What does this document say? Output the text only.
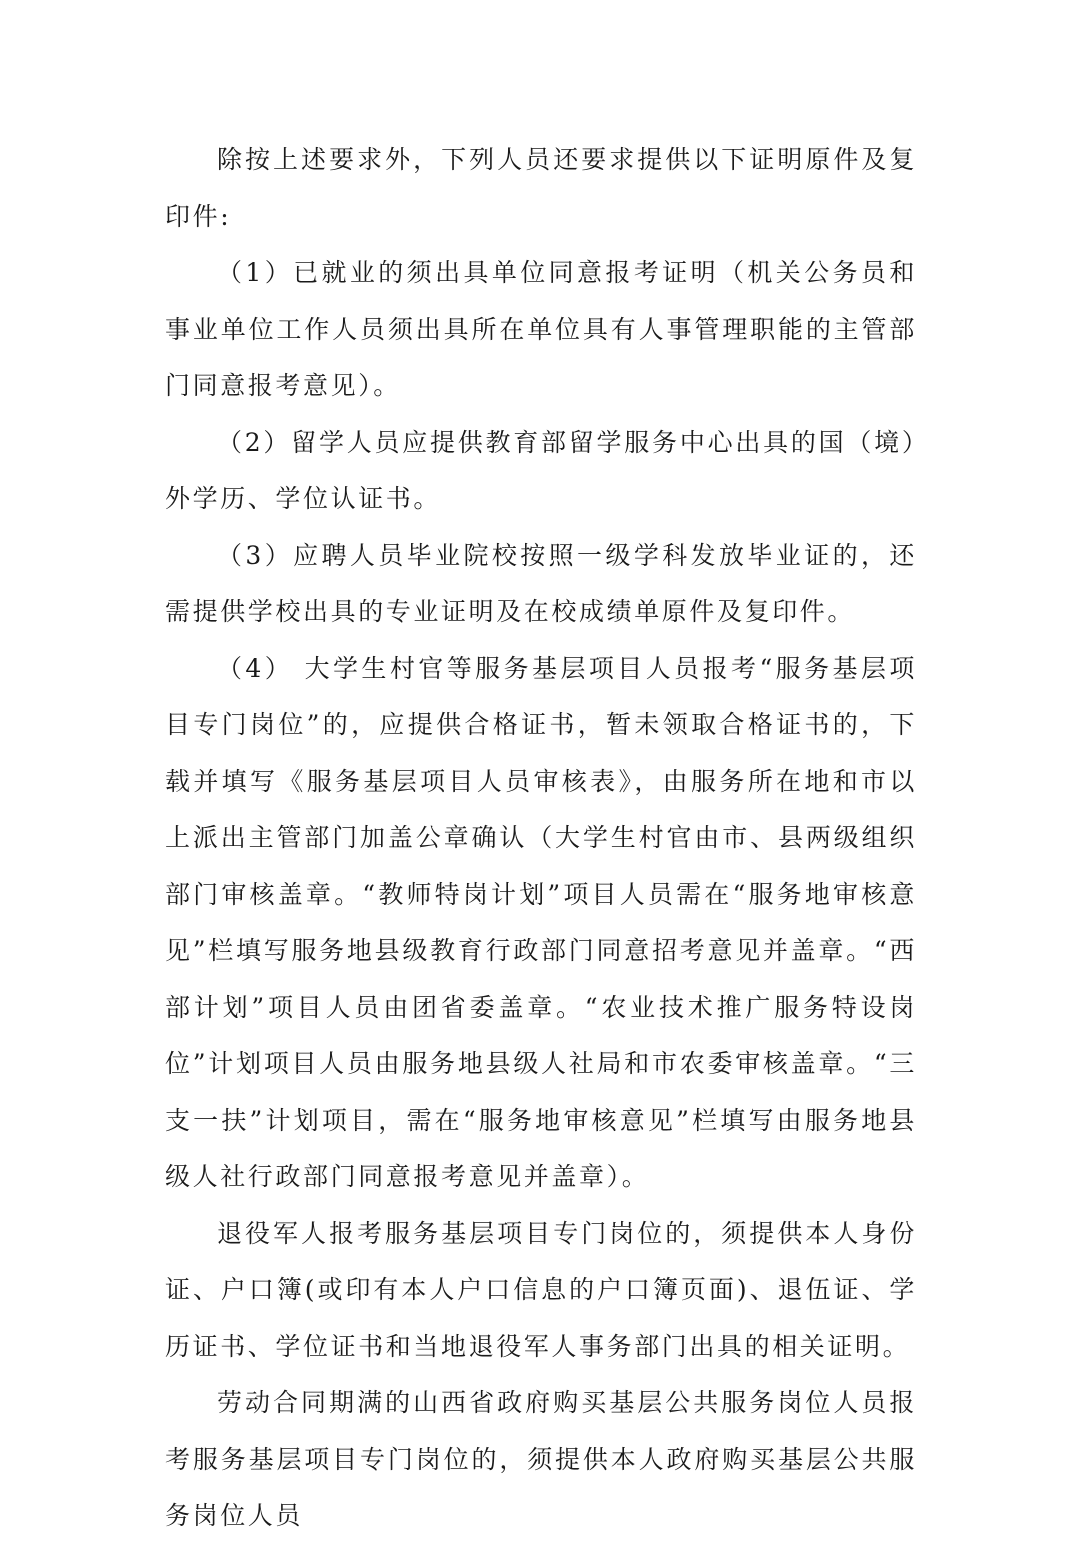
除按上述要求外，下列人员还要求提供以下证明原件及复印件:

（1）已就业的须出具单位同意报考证明（机关公务员和事业单位工作人员须出具所在单位具有人事管理职能的主管部门同意报考意见）。

（2）留学人员应提供教育部留学服务中心出具的国（境）外学历、学位认证书。

（3）应聘人员毕业院校按照一级学科发放毕业证的，还需提供学校出具的专业证明及在校成绩单原件及复印件。

（4） 大学生村官等服务基层项目人员报考“服务基层项目专门岗位”的，应提供合格证书，暂未领取合格证书的，下载并填写《服务基层项目人员审核表》，由服务所在地和市以上派出主管部门加盖公章确认（大学生村官由市、县两级组织部门审核盖章。“教师特岗计划”项目人员需在“服务地审核意见”栏填写服务地县级教育行政部门同意招考意见并盖章。“西部计划”项目人员由团省委盖章。“农业技术推广服务特设岗位”计划项目人员由服务地县级人社局和市农委审核盖章。“三支一扶”计划项目，需在“服务地审核意见”栏填写由服务地县级人社行政部门同意报考意见并盖章）。

退役军人报考服务基层项目专门岗位的，须提供本人身份证、户口簿(或印有本人户口信息的户口簿页面)、退伍证、学历证书、学位证书和当地退役军人事务部门出具的相关证明。

劳动合同期满的山西省政府购买基层公共服务岗位人员报考服务基层项目专门岗位的，须提供本人政府购买基层公共服务岗位人员
